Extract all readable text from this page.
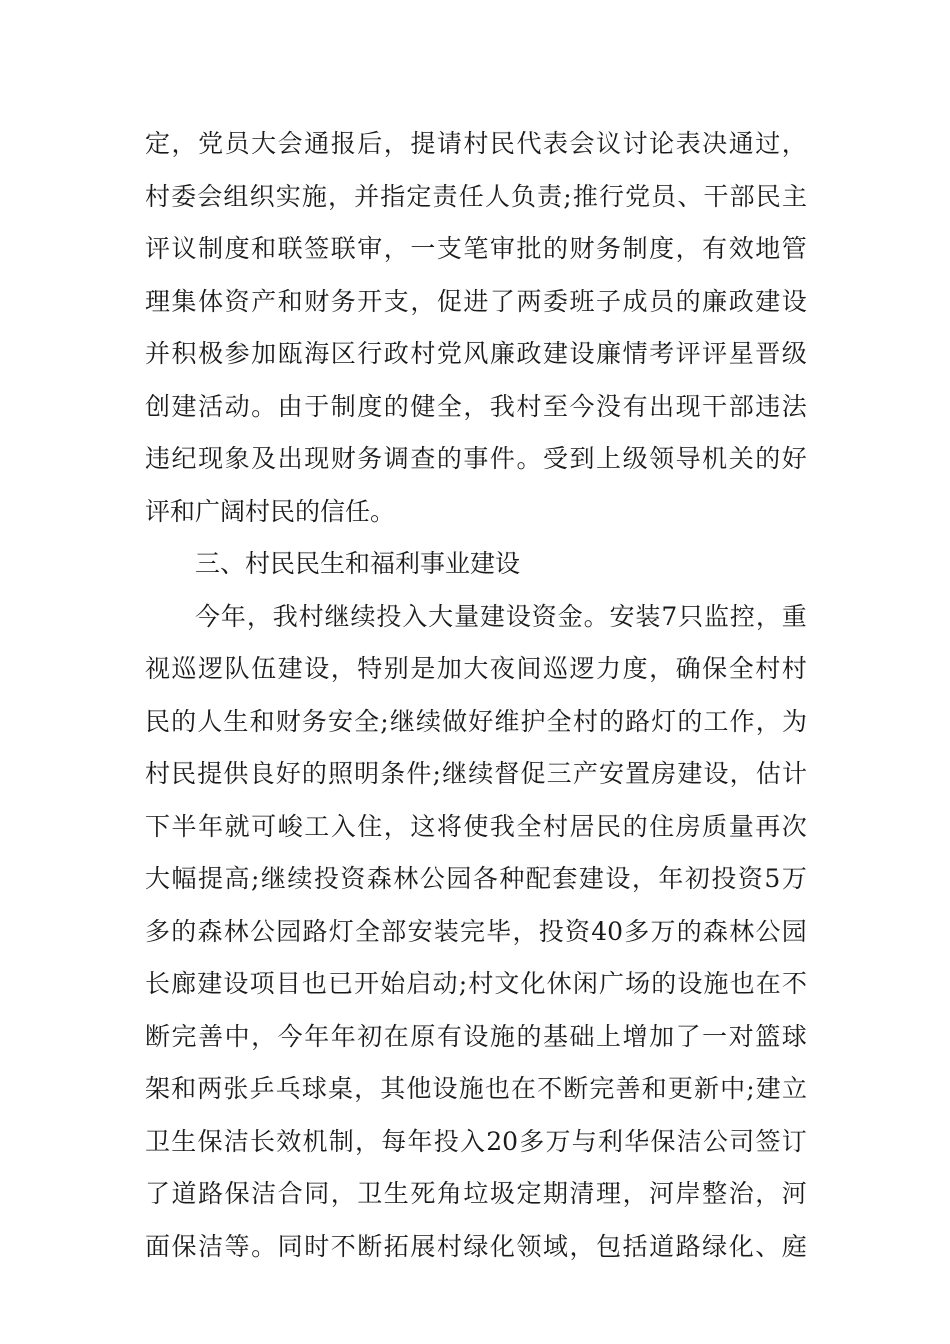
定 ， 党 员 大 会 通 报 后 ， 提 请 村 民 代 表 会 议 讨 论 表 决 通 过 ，
村 委 会 组 织 实 施 ， 并 指 定 责 任 人 负 责 ; 推 行 党 员 、 干 部 民 主
评 议 制 度 和 联 签 联 审 ， 一 支 笔 审 批 的 财 务 制 度 ， 有 效 地 管
理 集 体 资 产 和 财 务 开 支 ， 促 进 了 两 委 班 子 成 员 的 廉 政 建 设
并 积 极 参 加 瓯 海 区 行 政 村 党 风 廉 政 建 设 廉 情 考 评 评 星 晋 级
创 建 活 动 。 由 于 制 度 的 健 全 ， 我 村 至 今 没 有 出 现 干 部 违 法
违 纪 现 象 及 出 现 财 务 调 查 的 事 件 。 受 到 上 级 领 导 机 关 的 好
评和广阔村民的信任。
三、村民民生和福利事业建设
今 年 ， 我 村 继 续 投 入 大 量 建 设 资 金 。 安 装 7 只 监 控 ， 重
视 巡 逻 队 伍 建 设 ， 特 别 是 加 大 夜 间 巡 逻 力 度 ， 确 保 全 村 村
民 的 人 生 和 财 务 安 全 ; 继 续 做 好 维 护 全 村 的 路 灯 的 工 作 ， 为
村 民 提 供 良 好 的 照 明 条 件 ; 继 续 督 促 三 产 安 置 房 建 设 ， 估 计
下 半 年 就 可 峻 工 入 住 ， 这 将 使 我 全 村 居 民 的 住 房 质 量 再 次
大 幅 提 高 ; 继 续 投 资 森 林 公 园 各 种 配 套 建 设 ， 年 初 投 资 5 万
多 的 森 林 公 园 路 灯 全 部 安 装 完 毕 ， 投 资 40 多 万 的 森 林 公 园
长 廊 建 设 项 目 也 已 开 始 启 动 ; 村 文 化 休 闲 广 场 的 设 施 也 在 不
断 完 善 中 ， 今 年 年 初 在 原 有 设 施 的 基 础 上 增 加 了 一 对 篮 球
架 和 两 张 乒 乓 球 桌 ， 其 他 设 施 也 在 不 断 完 善 和 更 新 中 ; 建 立
卫 生 保 洁 长 效 机 制 ， 每 年 投 入 20 多 万 与 利 华 保 洁 公 司 签 订
了 道 路 保 洁 合 同 ， 卫 生 死 角 垃 圾 定 期 清 理 ， 河 岸 整 治 ， 河
面 保 洁 等 。 同 时 不 断 拓 展 村 绿 化 领 域 ， 包 括 道 路 绿 化 、 庭
